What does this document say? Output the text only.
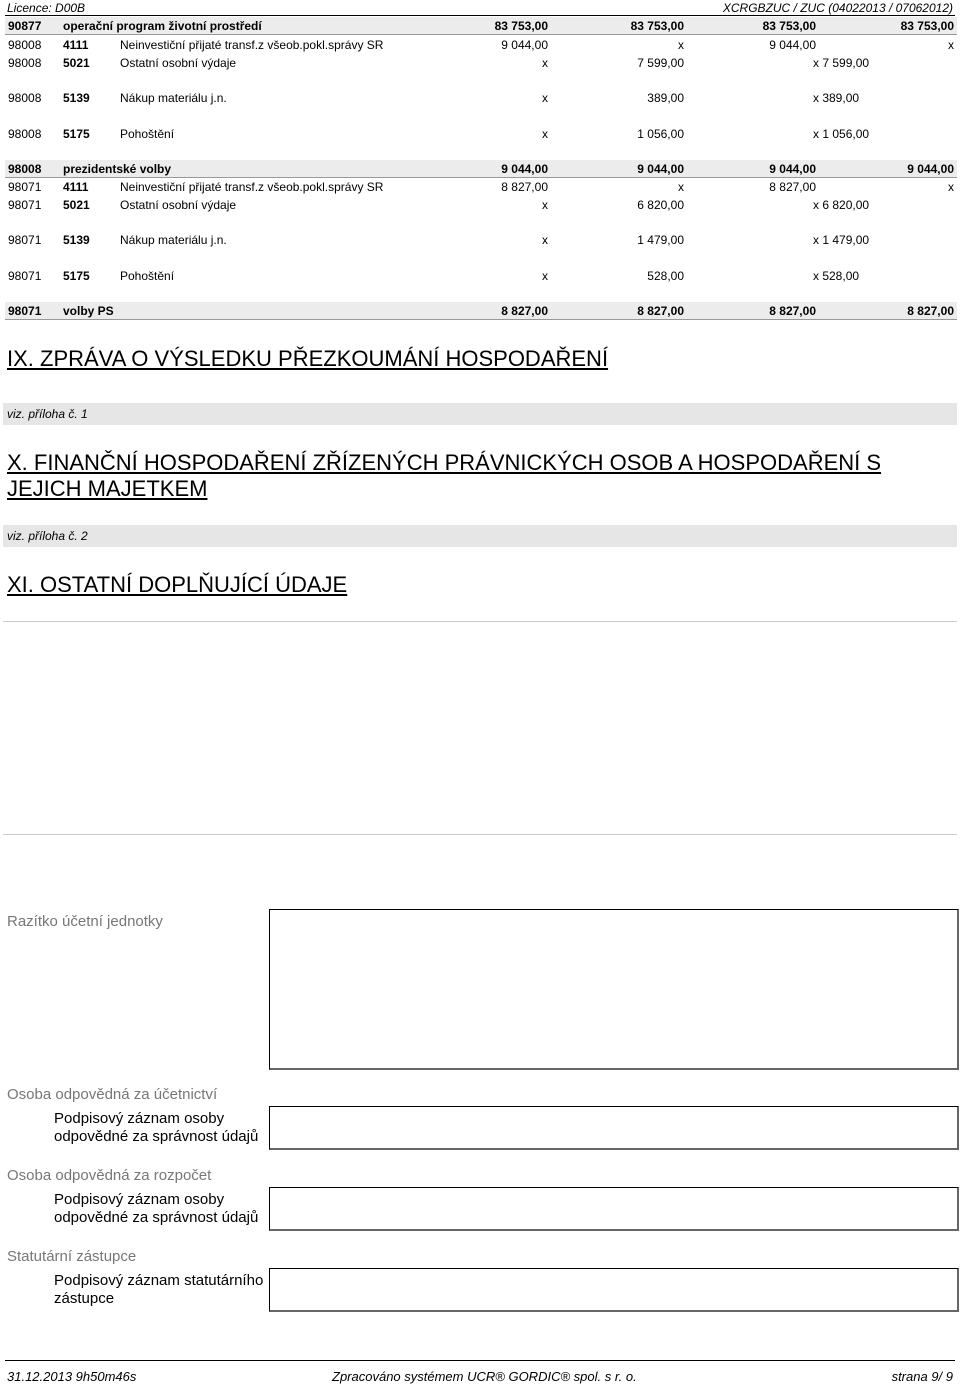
Licence: D00B	XCRGBZUC / ZUC (04022013 / 07062012)
90877 operační program životní prostředí	83 753,00	83 753,00	83 753,00	83 753,00
98008 4111	Neinvestiční přijaté transf.z všeob.pokl.správy SR	9 044,00	x	9 044,00	x
98008 5021	Ostatní osobní výdaje	x	7 599,00	x 7 599,00
98008 5139	Nákup materiálu j.n.	x	389,00	x 389,00
98008 5175	Pohoštění	x	1 056,00	x 1 056,00
98008 prezidentské volby	9 044,00	9 044,00	9 044,00	9 044,00
98071 4111	Neinvestiční přijaté transf.z všeob.pokl.správy SR	8 827,00	x	8 827,00	x
98071 5021	Ostatní osobní výdaje	x	6 820,00	x 6 820,00
98071 5139	Nákup materiálu j.n.	x	1 479,00	x 1 479,00
98071 5175	Pohoštění	x	528,00	x 528,00
98071 volby PS	8 827,00	8 827,00	8 827,00	8 827,00
IX. ZPRÁVA O VÝSLEDKU PŘEZKOUMÁNÍ HOSPODAŘENÍ
viz. příloha č. 1
X. FINANČNÍ HOSPODAŘENÍ ZŘÍZENÝCH PRÁVNICKÝCH OSOB A HOSPODAŘENÍ S
JEJICH MAJETKEM
viz. příloha č. 2
XI. OSTATNÍ DOPLŇUJÍCÍ ÚDAJE
Razítko účetní jednotky
Osoba odpovědná za účetnictví
Podpisový záznam osoby
odpovědné za správnost údajů
Osoba odpovědná za rozpočet
Podpisový záznam osoby
odpovědné za správnost údajů
Statutární zástupce
Podpisový záznam statutárního
zástupce
31.12.2013 9h50m46s	Zpracováno systémem UCR® GORDIC® spol. s r. o.	strana 9/ 9
